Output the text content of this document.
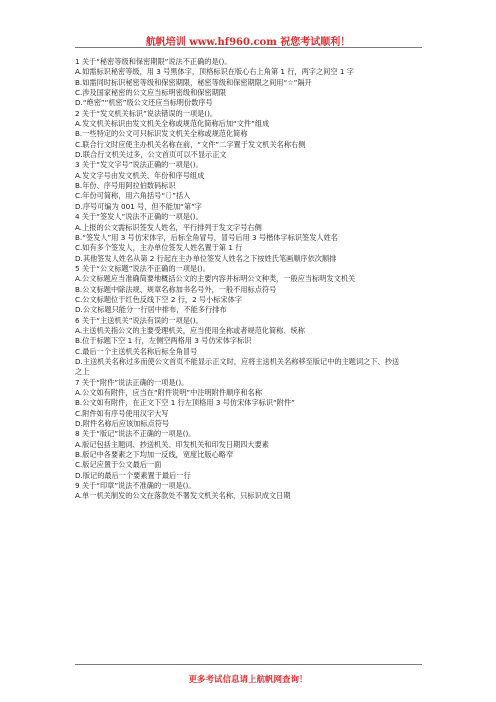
航帆培训 www.hf960.com 祝您考试顺利！
1 关于“秘密等级和保密期限”说法不正确的是()。
A.如需标识秘密等级，用 3 号黑体字，顶格标识在版心右上角第 1 行，两字之间空 1 字
B.如需同时标识秘密等级和保密期限，秘密等级和保密期限之间用“☆”隔开
C.涉及国家秘密的公文应当标明密级和保密期限
D.“绝密”“机密”级公文还应当标明份数序号
2 关于“发文机关标识”说法错误的一项是()。
A.发文机关标识由发文机关全称或规范化简称后加“文件”组成
B.一些特定的公文可只标识发文机关全称或规范化简称
C.联合行文时应使主办机关名称在前，“文件”二字置于发文机关名称右侧
D.联合行文机关过多，公文首页可以不显示正文
3 关于“发文字号”说法正确的一项是()。
A.发文字号由发文机关、年份和序号组成
B.年份、序号用阿拉伯数码标识
C.年份可简称，用六角括号“〔〕”括入
D.序号可编为 001 号，但不能加“第”字
4 关于“签发人”说法不正确的一项是()。
A.上报的公文需标识签发人姓名，平行排列于发文字号右侧
B.“签发人”用 3 号仿宋体字，后标全角冒号，冒号后用 3 号楷体字标识签发人姓名
C.如有多个签发人，主办单位签发人姓名置于第 1 行
D.其他签发人姓名从第 2 行起在主办单位签发人姓名之下按姓氏笔画顺序依次顺排
5 关于“公文标题”说法不正确的一项是()。
A.公文标题应当准确简要地概括公文的主要内容并标明公文种类，一般应当标明发文机关
B.公文标题中除法规、规章名称加书名号外，一般不用标点符号
C.公文标题位于红色反线下空 2 行，2 号小标宋体字
D.公文标题只能分一行居中排布，不能多行排布
6 关于“主送机关”说法有误的一项是()。
A.主送机关指公文的主要受理机关，应当使用全称或者规范化简称、统称
B.位于标题下空 1 行，左侧空两格用 3 号仿宋体字标识
C.最后一个主送机关名称后标全角冒号
D.主送机关名称过多而使公文首页不能显示正文时，应将主送机关名称移至版记中的主题词之下、抄送
之上
7 关于“附件”说法正确的一项是()。
A.公文如有附件，应当在“附件说明”中注明附件顺序和名称
B.公文如有附件，在正文下空 1 行左顶格用 3 号仿宋体字标识“附件”
C.附件如有序号使用汉字大写
D.附件名称后应该加标点符号
8 关于“版记”说法不正确的一项是()。
A.版记包括主题词、抄送机关、印发机关和印发日期四大要素
B.版记中各要素之下均加一反线，宽度比版心略窄
C.版记应置于公文最后一面
D.版记的最后一个要素置于最后一行
9 关于“印章”说法不准确的一项是()。
A.单一机关制发的公文在落款处不署发文机关名称，只标识成文日期
更多考试信息请上航帆网查询！
